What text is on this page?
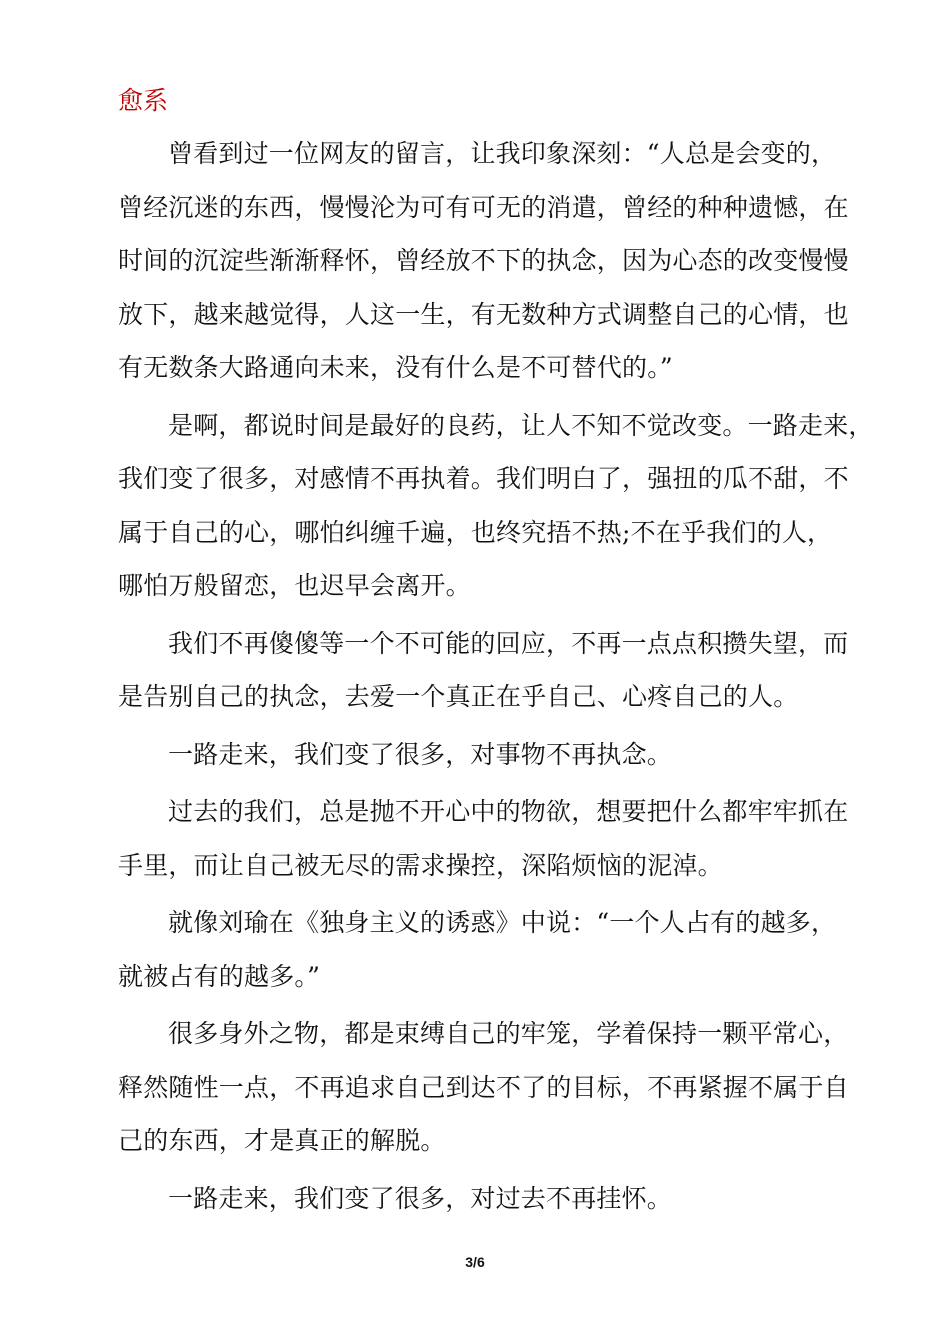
愈系
曾看到过一位网友的留言，让我印象深刻：“人总是会变的，
曾经沉迷的东西，慢慢沦为可有可无的消遣，曾经的种种遗憾，在
时间的沉淀些渐渐释怀，曾经放不下的执念，因为心态的改变慢慢
放下，越来越觉得，人这一生，有无数种方式调整自己的心情，也
有无数条大路通向未来，没有什么是不可替代的。”
是啊，都说时间是最好的良药，让人不知不觉改变。一路走来，
我们变了很多，对感情不再执着。我们明白了，强扭的瓜不甜，不
属于自己的心，哪怕纠缠千遍，也终究捂不热;不在乎我们的人，
哪怕万般留恋，也迟早会离开。
我们不再傻傻等一个不可能的回应，不再一点点积攒失望，而
是告别自己的执念，去爱一个真正在乎自己、心疼自己的人。
一路走来，我们变了很多，对事物不再执念。
过去的我们，总是抛不开心中的物欲，想要把什么都牢牢抓在
手里，而让自己被无尽的需求操控，深陷烦恼的泥淖。
就像刘瑜在《独身主义的诱惑》中说：“一个人占有的越多，
就被占有的越多。”
很多身外之物，都是束缚自己的牢笼，学着保持一颗平常心，
释然随性一点，不再追求自己到达不了的目标，不再紧握不属于自
己的东西，才是真正的解脱。
一路走来，我们变了很多，对过去不再挂怀。
3/6
